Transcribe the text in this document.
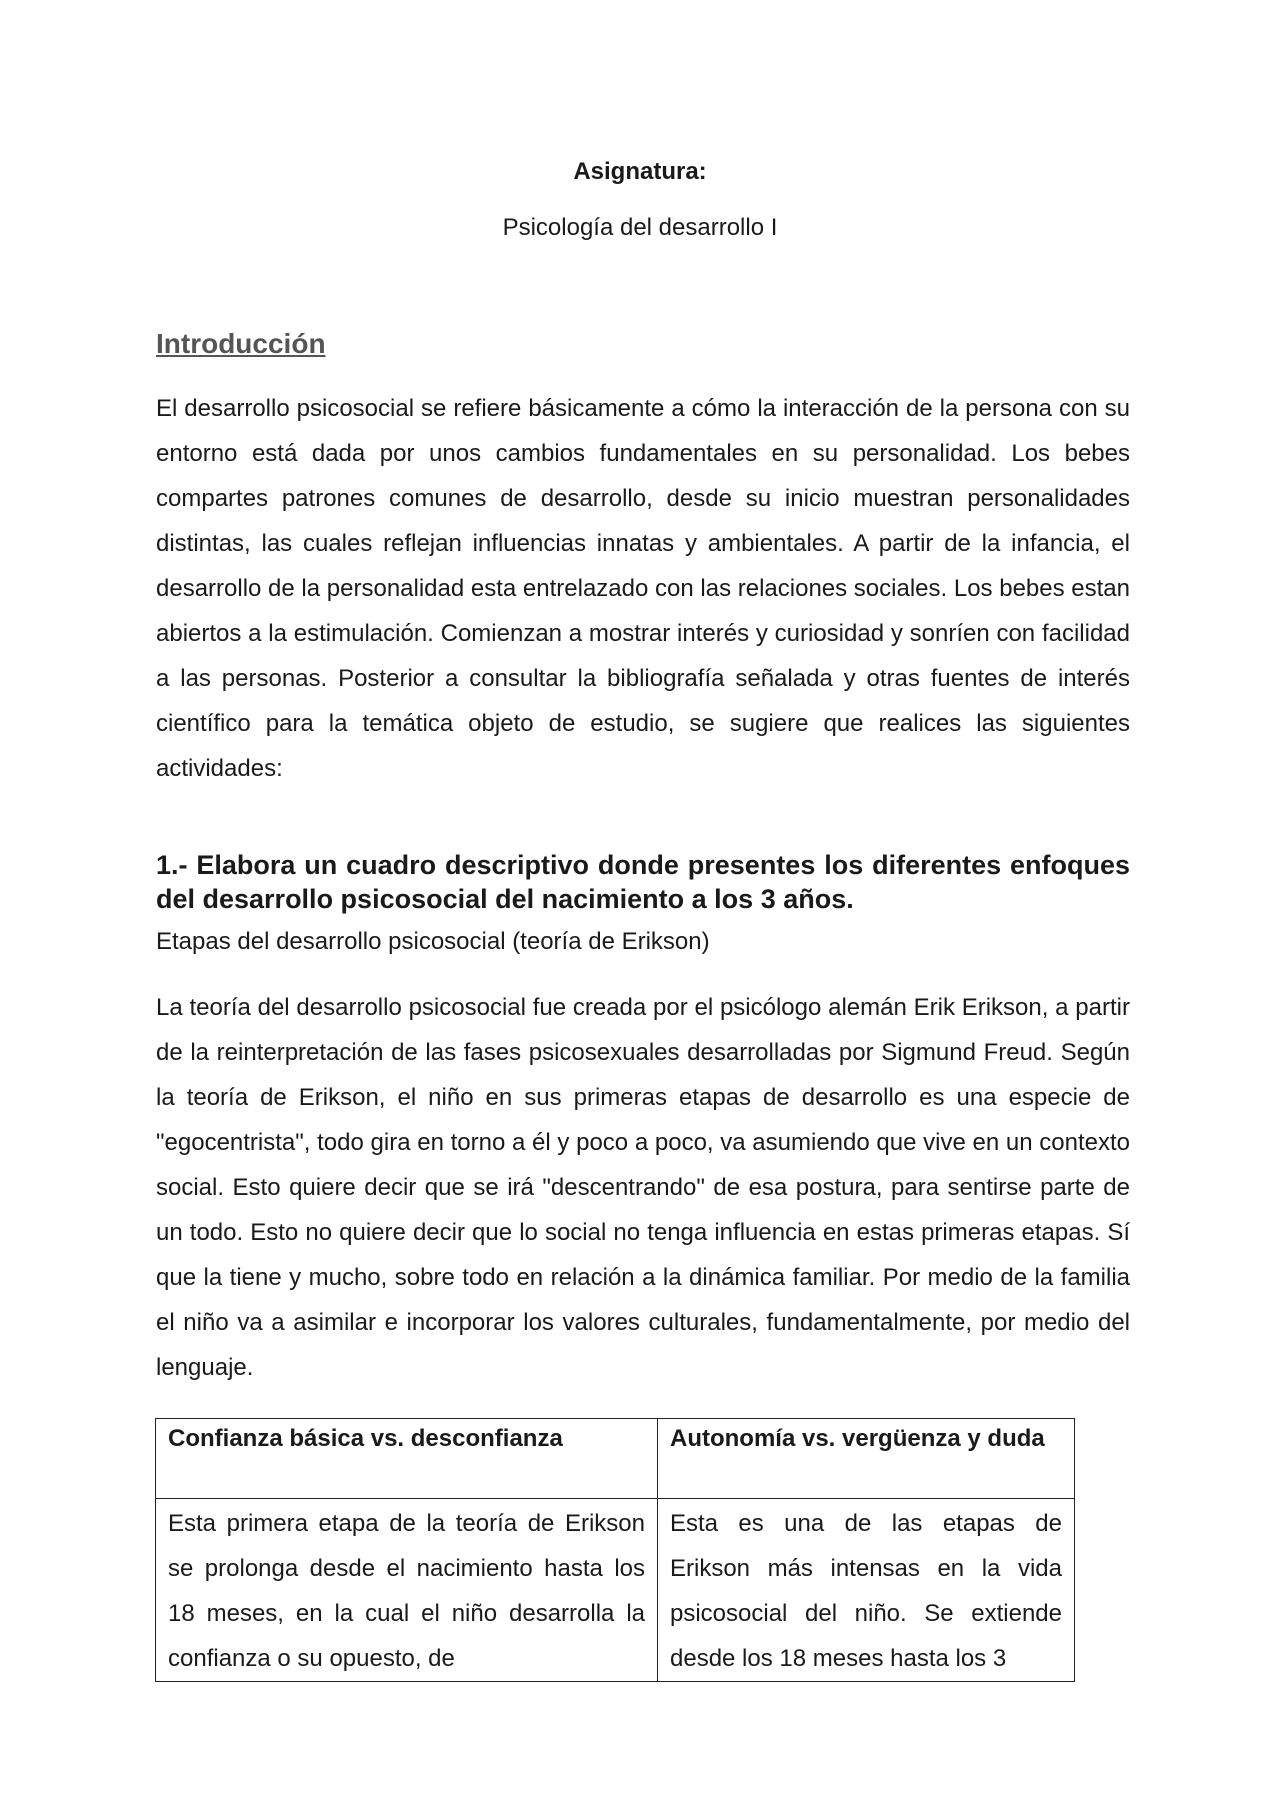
Asignatura:

Psicología del desarrollo I

Introducción

El desarrollo psicosocial se refiere básicamente a cómo la interacción de la persona con su entorno está dada por unos cambios fundamentales en su personalidad. Los bebes compartes patrones comunes de desarrollo, desde su inicio muestran personalidades distintas, las cuales reflejan influencias innatas y ambientales. A partir de la infancia, el desarrollo de la personalidad esta entrelazado con las relaciones sociales. Los bebes estan abiertos a la estimulación. Comienzan a mostrar interés y curiosidad y sonríen con facilidad a las personas. Posterior a consultar la bibliografía señalada y otras fuentes de interés científico para la temática objeto de estudio, se sugiere que realices las siguientes actividades:

1.- Elabora un cuadro descriptivo donde presentes los diferentes enfoques del desarrollo psicosocial del nacimiento a los 3 años.

Etapas del desarrollo psicosocial (teoría de Erikson)

La teoría del desarrollo psicosocial fue creada por el psicólogo alemán Erik Erikson, a partir de la reinterpretación de las fases psicosexuales desarrolladas por Sigmund Freud. Según la teoría de Erikson, el niño en sus primeras etapas de desarrollo es una especie de "egocentrista", todo gira en torno a él y poco a poco, va asumiendo que vive en un contexto social. Esto quiere decir que se irá "descentrando" de esa postura, para sentirse parte de un todo. Esto no quiere decir que lo social no tenga influencia en estas primeras etapas. Sí que la tiene y mucho, sobre todo en relación a la dinámica familiar. Por medio de la familia el niño va a asimilar e incorporar los valores culturales, fundamentalmente, por medio del lenguaje.

Confianza básica vs. desconfianza	Autonomía vs. vergüenza y duda
Esta primera etapa de la teoría de Erikson se prolonga desde el nacimiento hasta los 18 meses, en la cual el niño desarrolla la confianza o su opuesto, de	Esta es una de las etapas de Erikson más intensas en la vida psicosocial del niño. Se extiende desde los 18 meses hasta los 3
